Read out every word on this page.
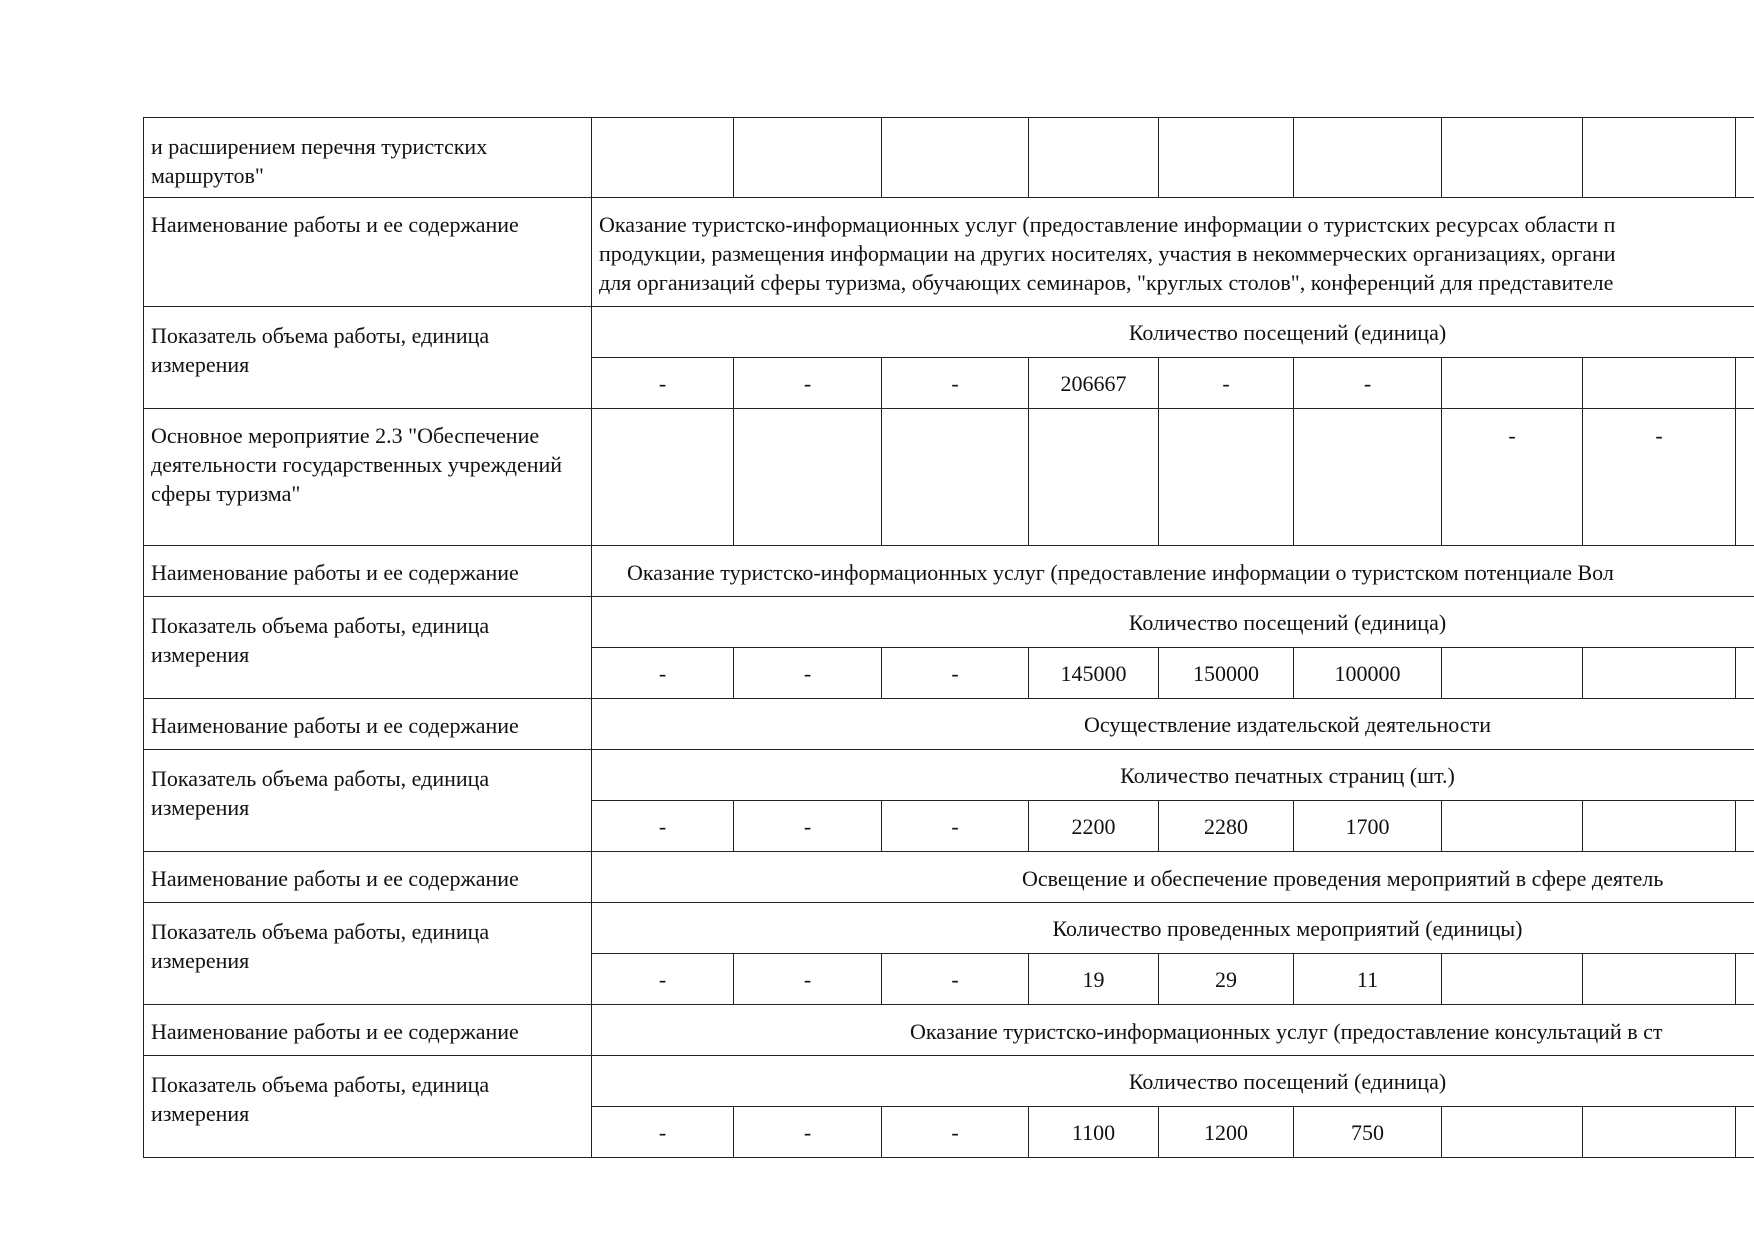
и расширением перечня туристских маршрутов"									
Наименование работы и ее содержание	Оказание туристско-информационных услуг (предоставление информации о туристских ресурсах области п
продукции, размещения информации на других носителях, участия в некоммерческих организациях, органи
для организаций сферы туризма, обучающих семинаров, "круглых столов", конференций для представителе								

Показатель объема работы, единица измерения	Количество посещений (единица)								
	-	-	-	206667	-	-			
Основное мероприятие 2.3 "Обеспечение деятельности государственных учреждений сферы туризма"							-	-	
Наименование работы и ее содержание	Оказание туристско-информационных услуг (предоставление информации о туристском потенциале Вол								
Показатель объема работы, единица измерения	Количество посещений (единица)								
	-	-	-	145000	150000	100000			
Наименование работы и ее содержание	Осуществление издательской деятельности								
Показатель объема работы, единица измерения	Количество печатных страниц (шт.)								
	-	-	-	2200	2280	1700			
Наименование работы и ее содержание	Освещение и обеспечение проведения мероприятий в сфере деятель								
Показатель объема работы, единица измерения	Количество проведенных мероприятий (единицы)								
	-	-	-	19	29	11			
Наименование работы и ее содержание	Оказание туристско-информационных услуг (предоставление консультаций в ст								
Показатель объема работы, единица измерения	Количество посещений (единица)								
	-	-	-	1100	1200	750			
